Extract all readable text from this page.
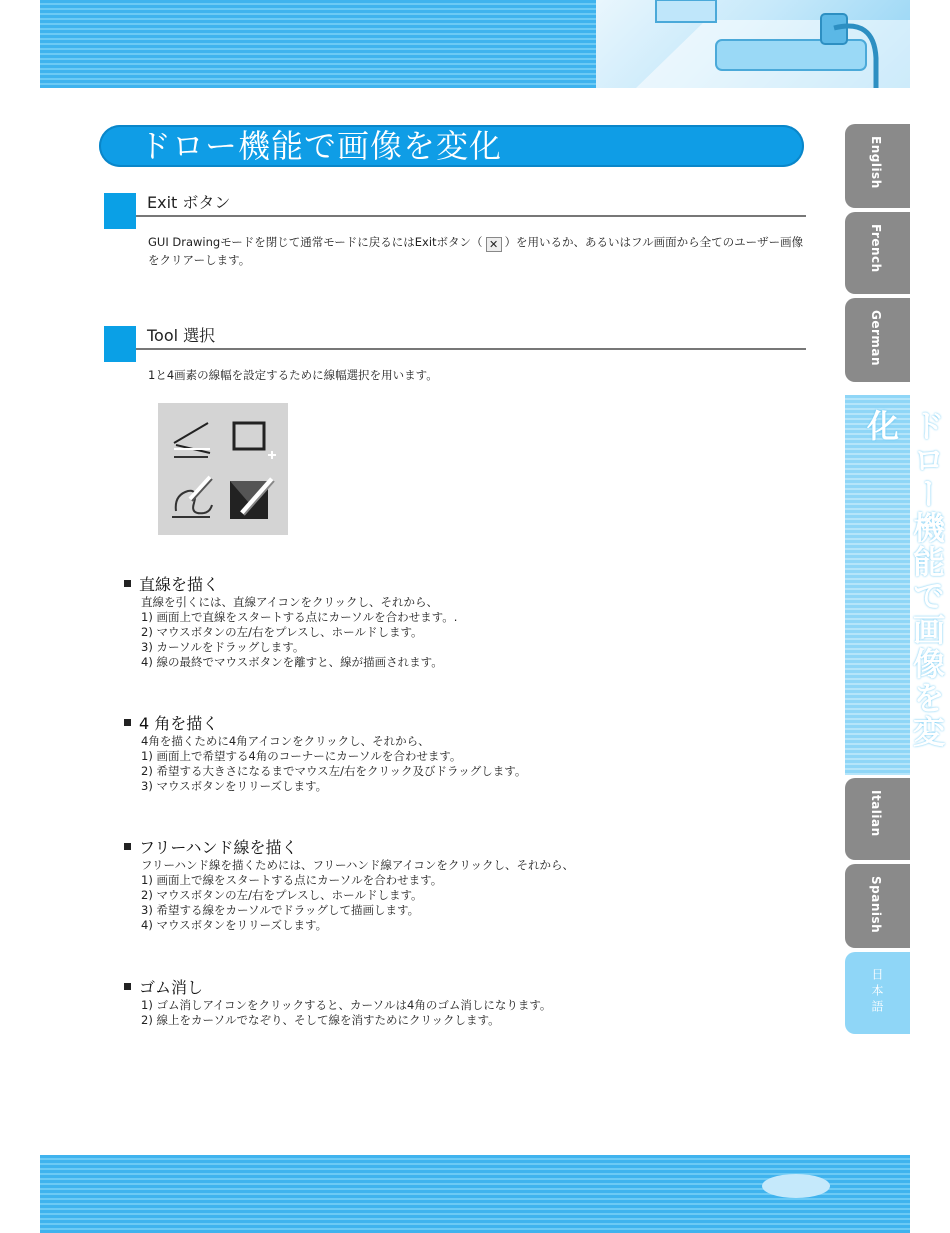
ドロー機能で画像を変化
Exit ボタン
GUI Drawingモードを閉じて通常モードに戻るにはExitボタン（ ✕ ）を用いるか、あるいはフル画面から全てのユーザー画像をクリアーします。
Tool 選択
1と4画素の線幅を設定するために線幅選択を用います。
直線を描く
直線を引くには、直線アイコンをクリックし、それから、
1) 画面上で直線をスタートする点にカーソルを合わせます。.
2) マウスボタンの左/右をプレスし、ホールドします。
3) カーソルをドラッグします。
4) 線の最終でマウスボタンを離すと、線が描画されます。
4 角を描く
4角を描くために4角アイコンをクリックし、それから、
1) 画面上で希望する4角のコーナーにカーソルを合わせます。
2) 希望する大きさになるまでマウス左/右をクリック及びドラッグします。
3) マウスボタンをリリーズします。
フリーハンド線を描く
フリーハンド線を描くためには、フリーハンド線アイコンをクリックし、それから、
1) 画面上で線をスタートする点にカーソルを合わせます。
2) マウスボタンの左/右をプレスし、ホールドします。
3) 希望する線をカーソルでドラッグして描画します。
4) マウスボタンをリリーズします。
ゴム消し
1) ゴム消しアイコンをクリックすると、カーソルは4角のゴム消しになります。
2) 線上をカーソルでなぞり、そして線を消すためにクリックします。
English
French
German
ドロー機能で画像を変化
Italian
Spanish
日本語
